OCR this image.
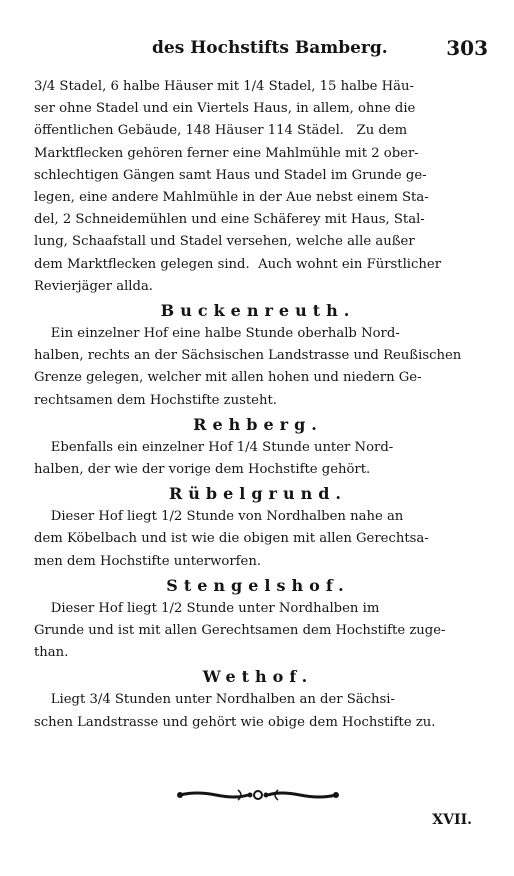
des Hochstifts Bamberg.	303
3/4 Stadel, 6 halbe Häuser mit 1/4 Stadel, 15 halbe Häu-
ser ohne Stadel und ein Viertels Haus, in allem, ohne die
öffentlichen Gebäude, 148 Häuser 114 Städel.   Zu dem
Marktflecken gehören ferner eine Mahlmühle mit 2 ober-
schlechtigen Gängen samt Haus und Stadel im Grunde ge-
legen, eine andere Mahlmühle in der Aue nebst einem Sta-
del, 2 Schneidemühlen und eine Schäferey mit Haus, Stal-
lung, Schaafstall und Stadel versehen, welche alle außer
dem Marktflecken gelegen sind.  Auch wohnt ein Fürstlicher
Revierjäger allda.
Buckenreuth.
Ein einzelner Hof eine halbe Stunde oberhalb Nord-
halben, rechts an der Sächsischen Landstrasse und Reußischen
Grenze gelegen, welcher mit allen hohen und niedern Ge-
rechtsamen dem Hochstifte zusteht.
Rehberg.
Ebenfalls ein einzelner Hof 1/4 Stunde unter Nord-
halben, der wie der vorige dem Hochstifte gehört.
Rübelgrund.
Dieser Hof liegt 1/2 Stunde von Nordhalben nahe an
dem Köbelbach und ist wie die obigen mit allen Gerechtsa-
men dem Hochstifte unterworfen.
Stengelshof.
Dieser Hof liegt 1/2 Stunde unter Nordhalben im
Grunde und ist mit allen Gerechtsamen dem Hochstifte zuge-
than.
Wethof.
Liegt 3/4 Stunden unter Nordhalben an der Sächsi-
schen Landstrasse und gehört wie obige dem Hochstifte zu.
XVII.
